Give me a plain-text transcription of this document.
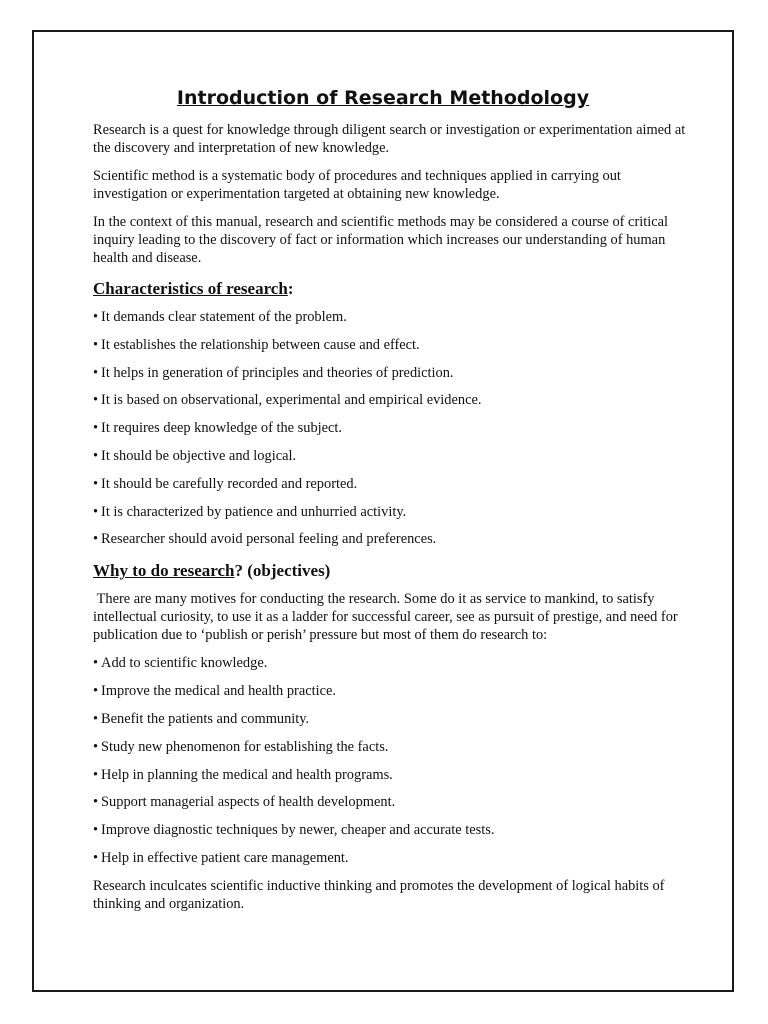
Introduction of Research Methodology

Research is a quest for knowledge through diligent search or investigation or experimentation aimed at the discovery and interpretation of new knowledge.

Scientific method is a systematic body of procedures and techniques applied in carrying out investigation or experimentation targeted at obtaining new knowledge.

In the context of this manual, research and scientific methods may be considered a course of critical inquiry leading to the discovery of fact or information which increases our understanding of human health and disease.

Characteristics of research:
• It demands clear statement of the problem.
• It establishes the relationship between cause and effect.
• It helps in generation of principles and theories of prediction.
• It is based on observational, experimental and empirical evidence.
• It requires deep knowledge of the subject.
• It should be objective and logical.
• It should be carefully recorded and reported.
• It is characterized by patience and unhurried activity.
• Researcher should avoid personal feeling and preferences.
Why to do research? (objectives)

There are many motives for conducting the research. Some do it as service to mankind, to satisfy intellectual curiosity, to use it as a ladder for successful career, see as pursuit of prestige, and need for publication due to ‘publish or perish’ pressure but most of them do research to:

• Add to scientific knowledge.
• Improve the medical and health practice.
• Benefit the patients and community.
• Study new phenomenon for establishing the facts.
• Help in planning the medical and health programs.
• Support managerial aspects of health development.
• Improve diagnostic techniques by newer, cheaper and accurate tests.
• Help in effective patient care management.

Research inculcates scientific inductive thinking and promotes the development of logical habits of thinking and organization.
